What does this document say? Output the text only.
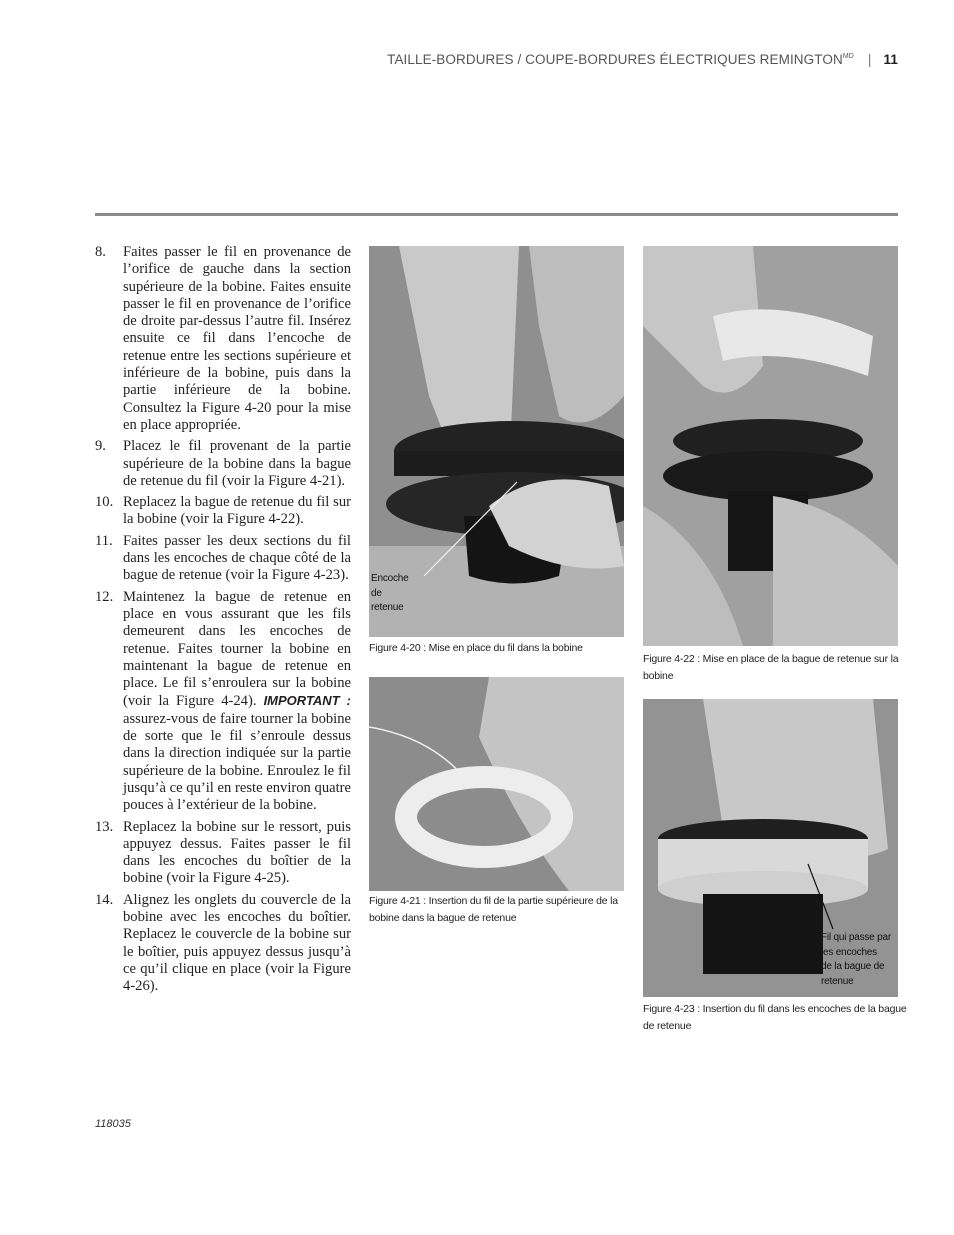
TAILLE-BORDURES / COUPE-BORDURES ÉLECTRIQUES $REMINGTON^{MD}$ | 11
8. Faites passer le fil en provenance de l’orifice de gauche dans la section supérieure de la bobine. Faites ensuite passer le fil en provenance de l’orifice de droite par-dessus l’autre fil. Insérez ensuite ce fil dans l’encoche de retenue entre les sections supérieure et inférieure de la bobine, puis dans la partie inférieure de la bobine. Consultez la Figure 4-20 pour la mise en place appropriée.
9. Placez le fil provenant de la partie supérieure de la bobine dans la bague de retenue du fil (voir la Figure 4-21).
10. Replacez la bague de retenue du fil sur la bobine (voir la Figure 4-22).
11. Faites passer les deux sections du fil dans les encoches de chaque côté de la bague de retenue (voir la Figure 4-23).
12. Maintenez la bague de retenue en place en vous assurant que les fils demeurent dans les encoches de retenue. Faites tourner la bobine en maintenant la bague de retenue en place. Le fil s’enroulera sur la bobine (voir la Figure 4-24). IMPORTANT : assurez-vous de faire tourner la bobine de sorte que le fil s’enroule dessus dans la direction indiquée sur la partie supérieure de la bobine. Enroulez le fil jusqu’à ce qu’il en reste environ quatre pouces à l’extérieur de la bobine.
13. Replacez la bobine sur le ressort, puis appuyez dessus. Faites passer le fil dans les encoches du boîtier de la bobine (voir la Figure 4-25).
14. Alignez les onglets du couvercle de la bobine avec les encoches du boîtier. Replacez le couvercle de la bobine sur le boîtier, puis appuyez dessus jusqu’à ce qu’il clique en place (voir la Figure 4-26).
Encoche
de
retenue
Figure 4-20 : Mise en place du fil dans la bobine
Figure 4-21 : Insertion du fil de la partie supérieure de la
bobine dans la bague de retenue
Figure 4-22 : Mise en place de la bague de retenue sur la
bobine
Fil qui passe par
les encoches
de la bague de
retenue
Figure 4-23 : Insertion du fil dans les encoches de la bague
de retenue
118035
